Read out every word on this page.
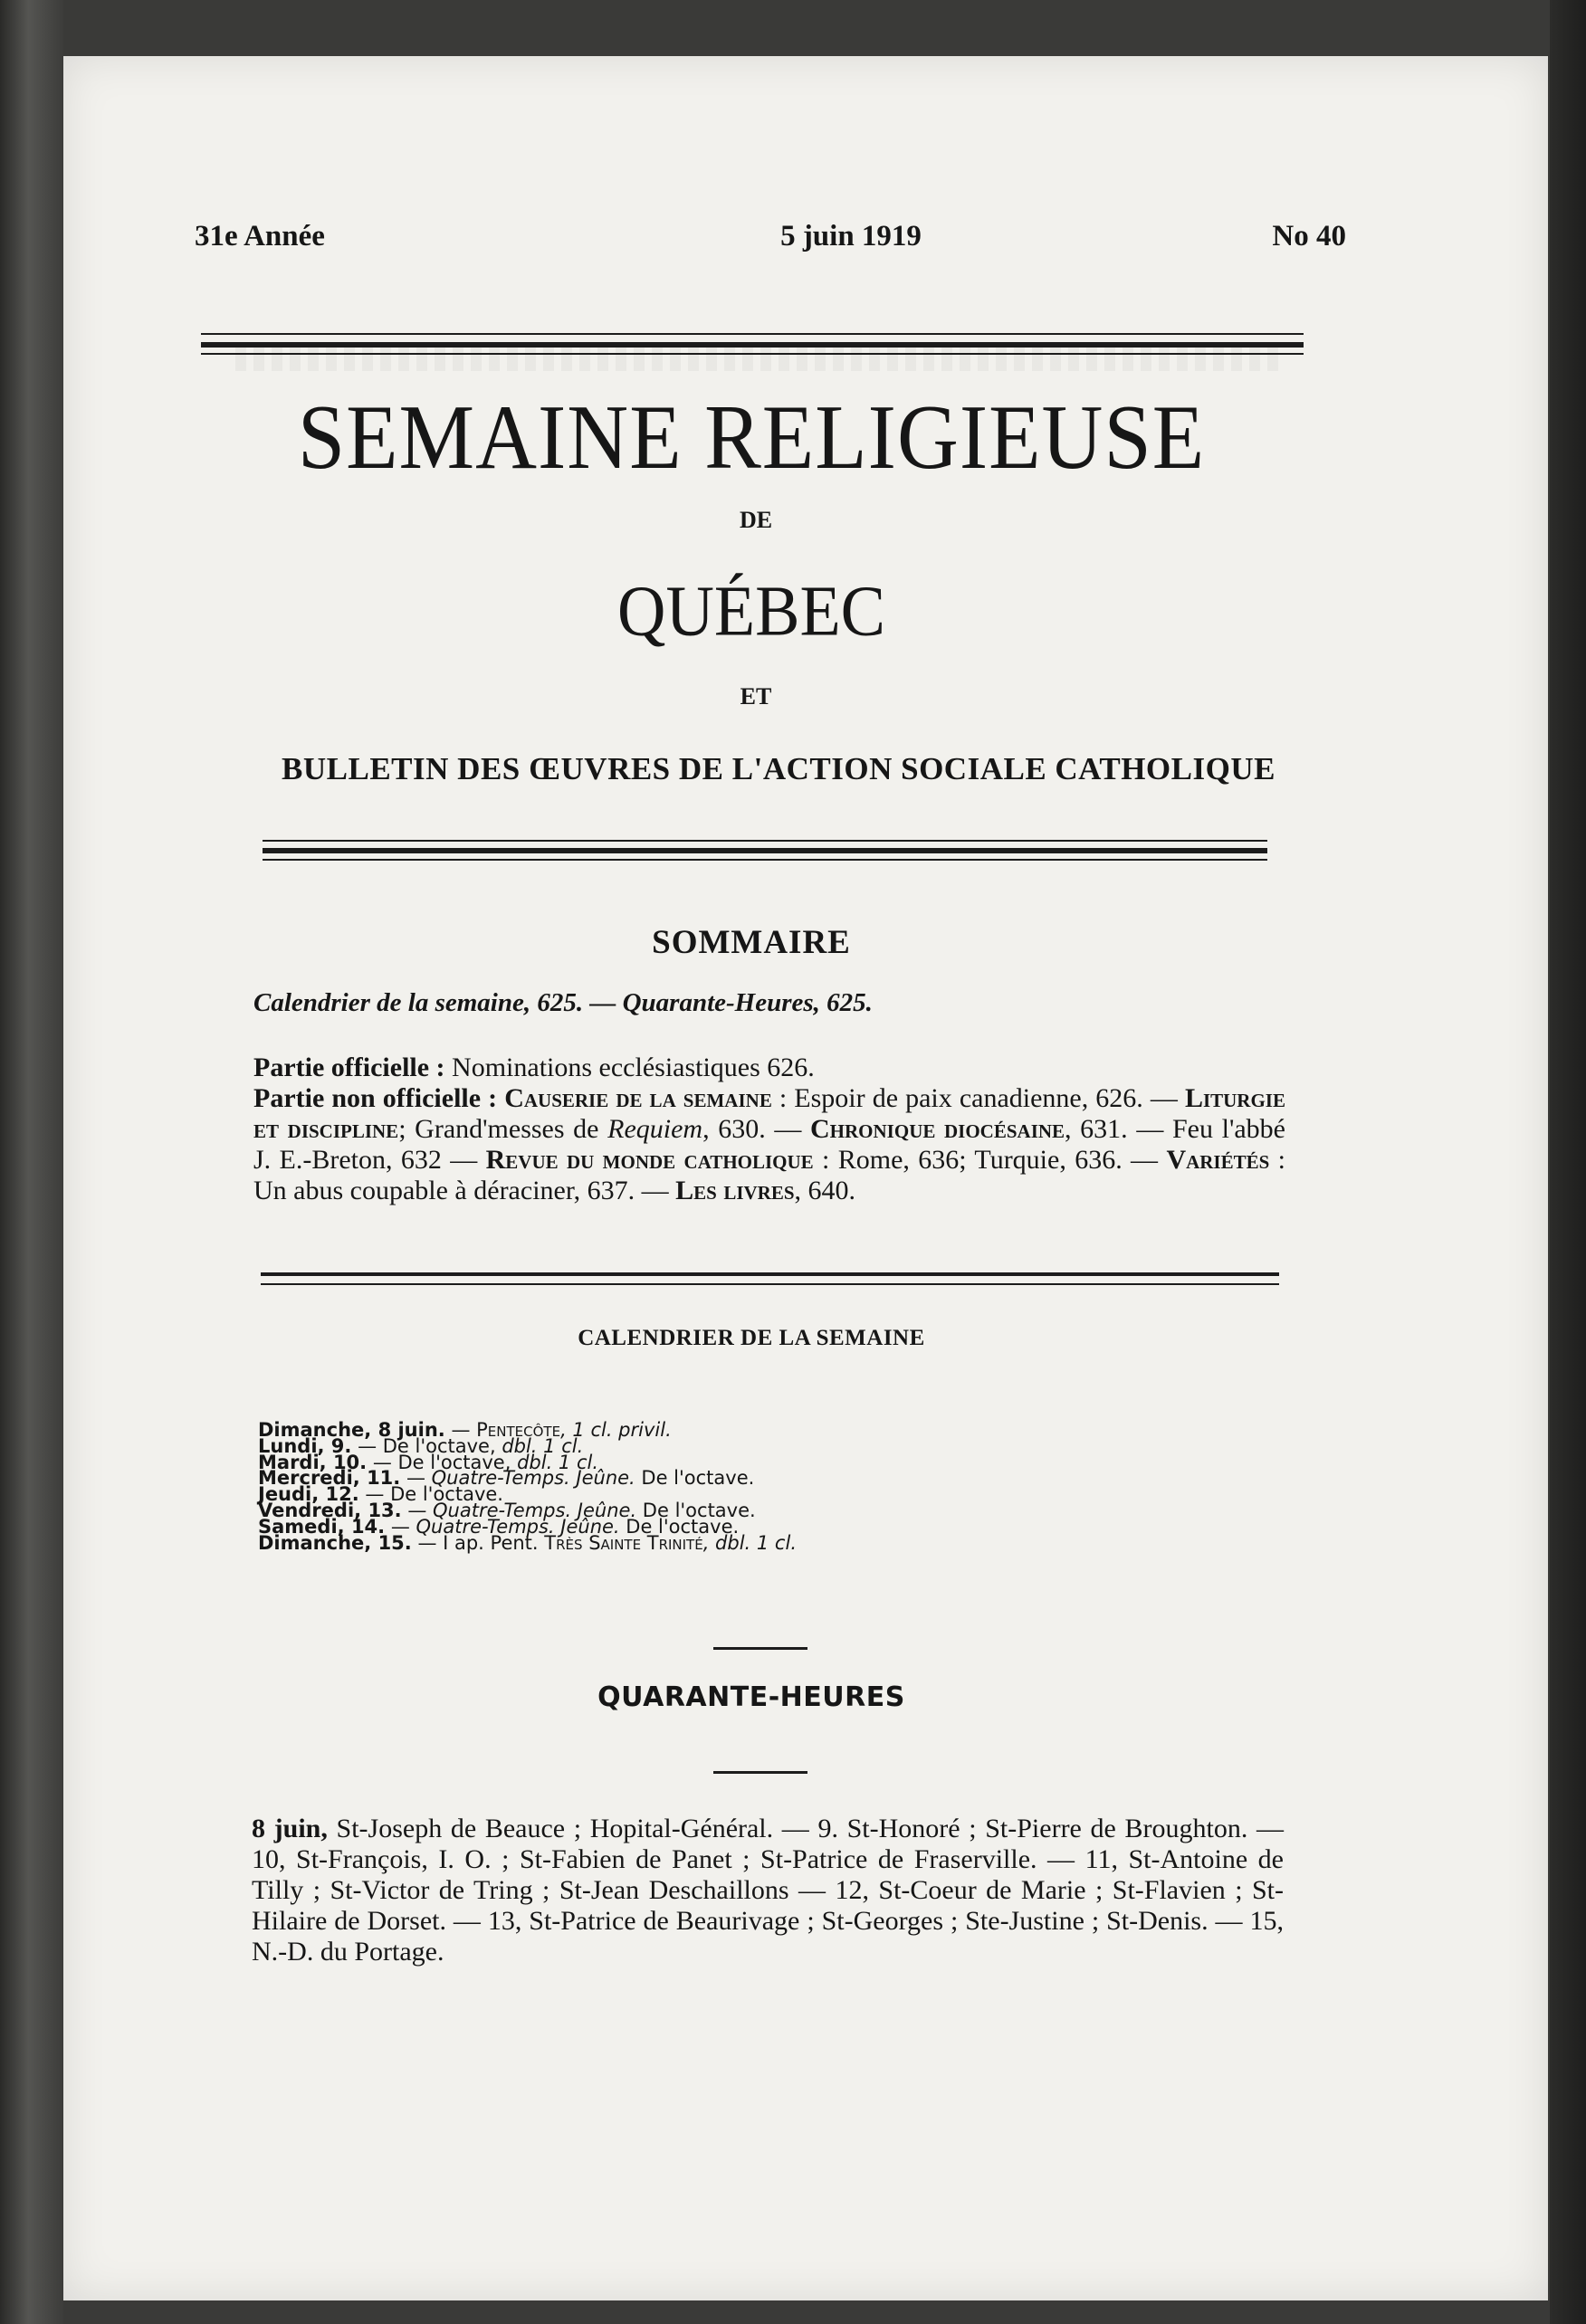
31e Année	5 juin 1919	No 40
SEMAINE RELIGIEUSE
DE
QUÉBEC
ET
BULLETIN DES ŒUVRES DE L'ACTION SOCIALE CATHOLIQUE
SOMMAIRE
Calendrier de la semaine, 625. — Quarante-Heures, 625.

Partie officielle : Nominations ecclésiastiques 626.

Partie non officielle : Causerie de la semaine : Espoir de paix canadienne, 626. — Liturgie et discipline; Grand'messes de Requiem, 630. — Chronique diocésaine, 631. — Feu l'abbé J. E.-Breton, 632 — Revue du monde catholique : Rome, 636; Turquie, 636. — Variétés : Un abus coupable à déraciner, 637. — Les livres, 640.

CALENDRIER DE LA SEMAINE
Dimanche, 8 juin. — Pentecôte, 1 cl. privil.
Lundi, 9. — De l'octave, dbl. 1 cl.
Mardi, 10. — De l'octave, dbl. 1 cl.
Mercredi, 11. — Quatre-Temps. Jeûne. De l'octave.
Jeudi, 12. — De l'octave.
Vendredi, 13. — Quatre-Temps. Jeûne. De l'octave.
Samedi, 14. — Quatre-Temps. Jeûne. De l'octave.
Dimanche, 15. — I ap. Pent. Très Sainte Trinité, dbl. 1 cl.
QUARANTE-HEURES

8 juin, St-Joseph de Beauce ; Hopital-Général. — 9. St-Honoré ; St-Pierre de Broughton. — 10, St-François, I. O. ; St-Fabien de Panet ; St-Patrice de Fraserville. — 11, St-Antoine de Tilly ; St-Victor de Tring ; St-Jean Deschaillons — 12, St-Coeur de Marie ; St-Flavien ; St-Hilaire de Dorset. — 13, St-Patrice de Beaurivage ; St-Georges ; Ste-Justine ; St-Denis. — 15, N.-D. du Portage.
